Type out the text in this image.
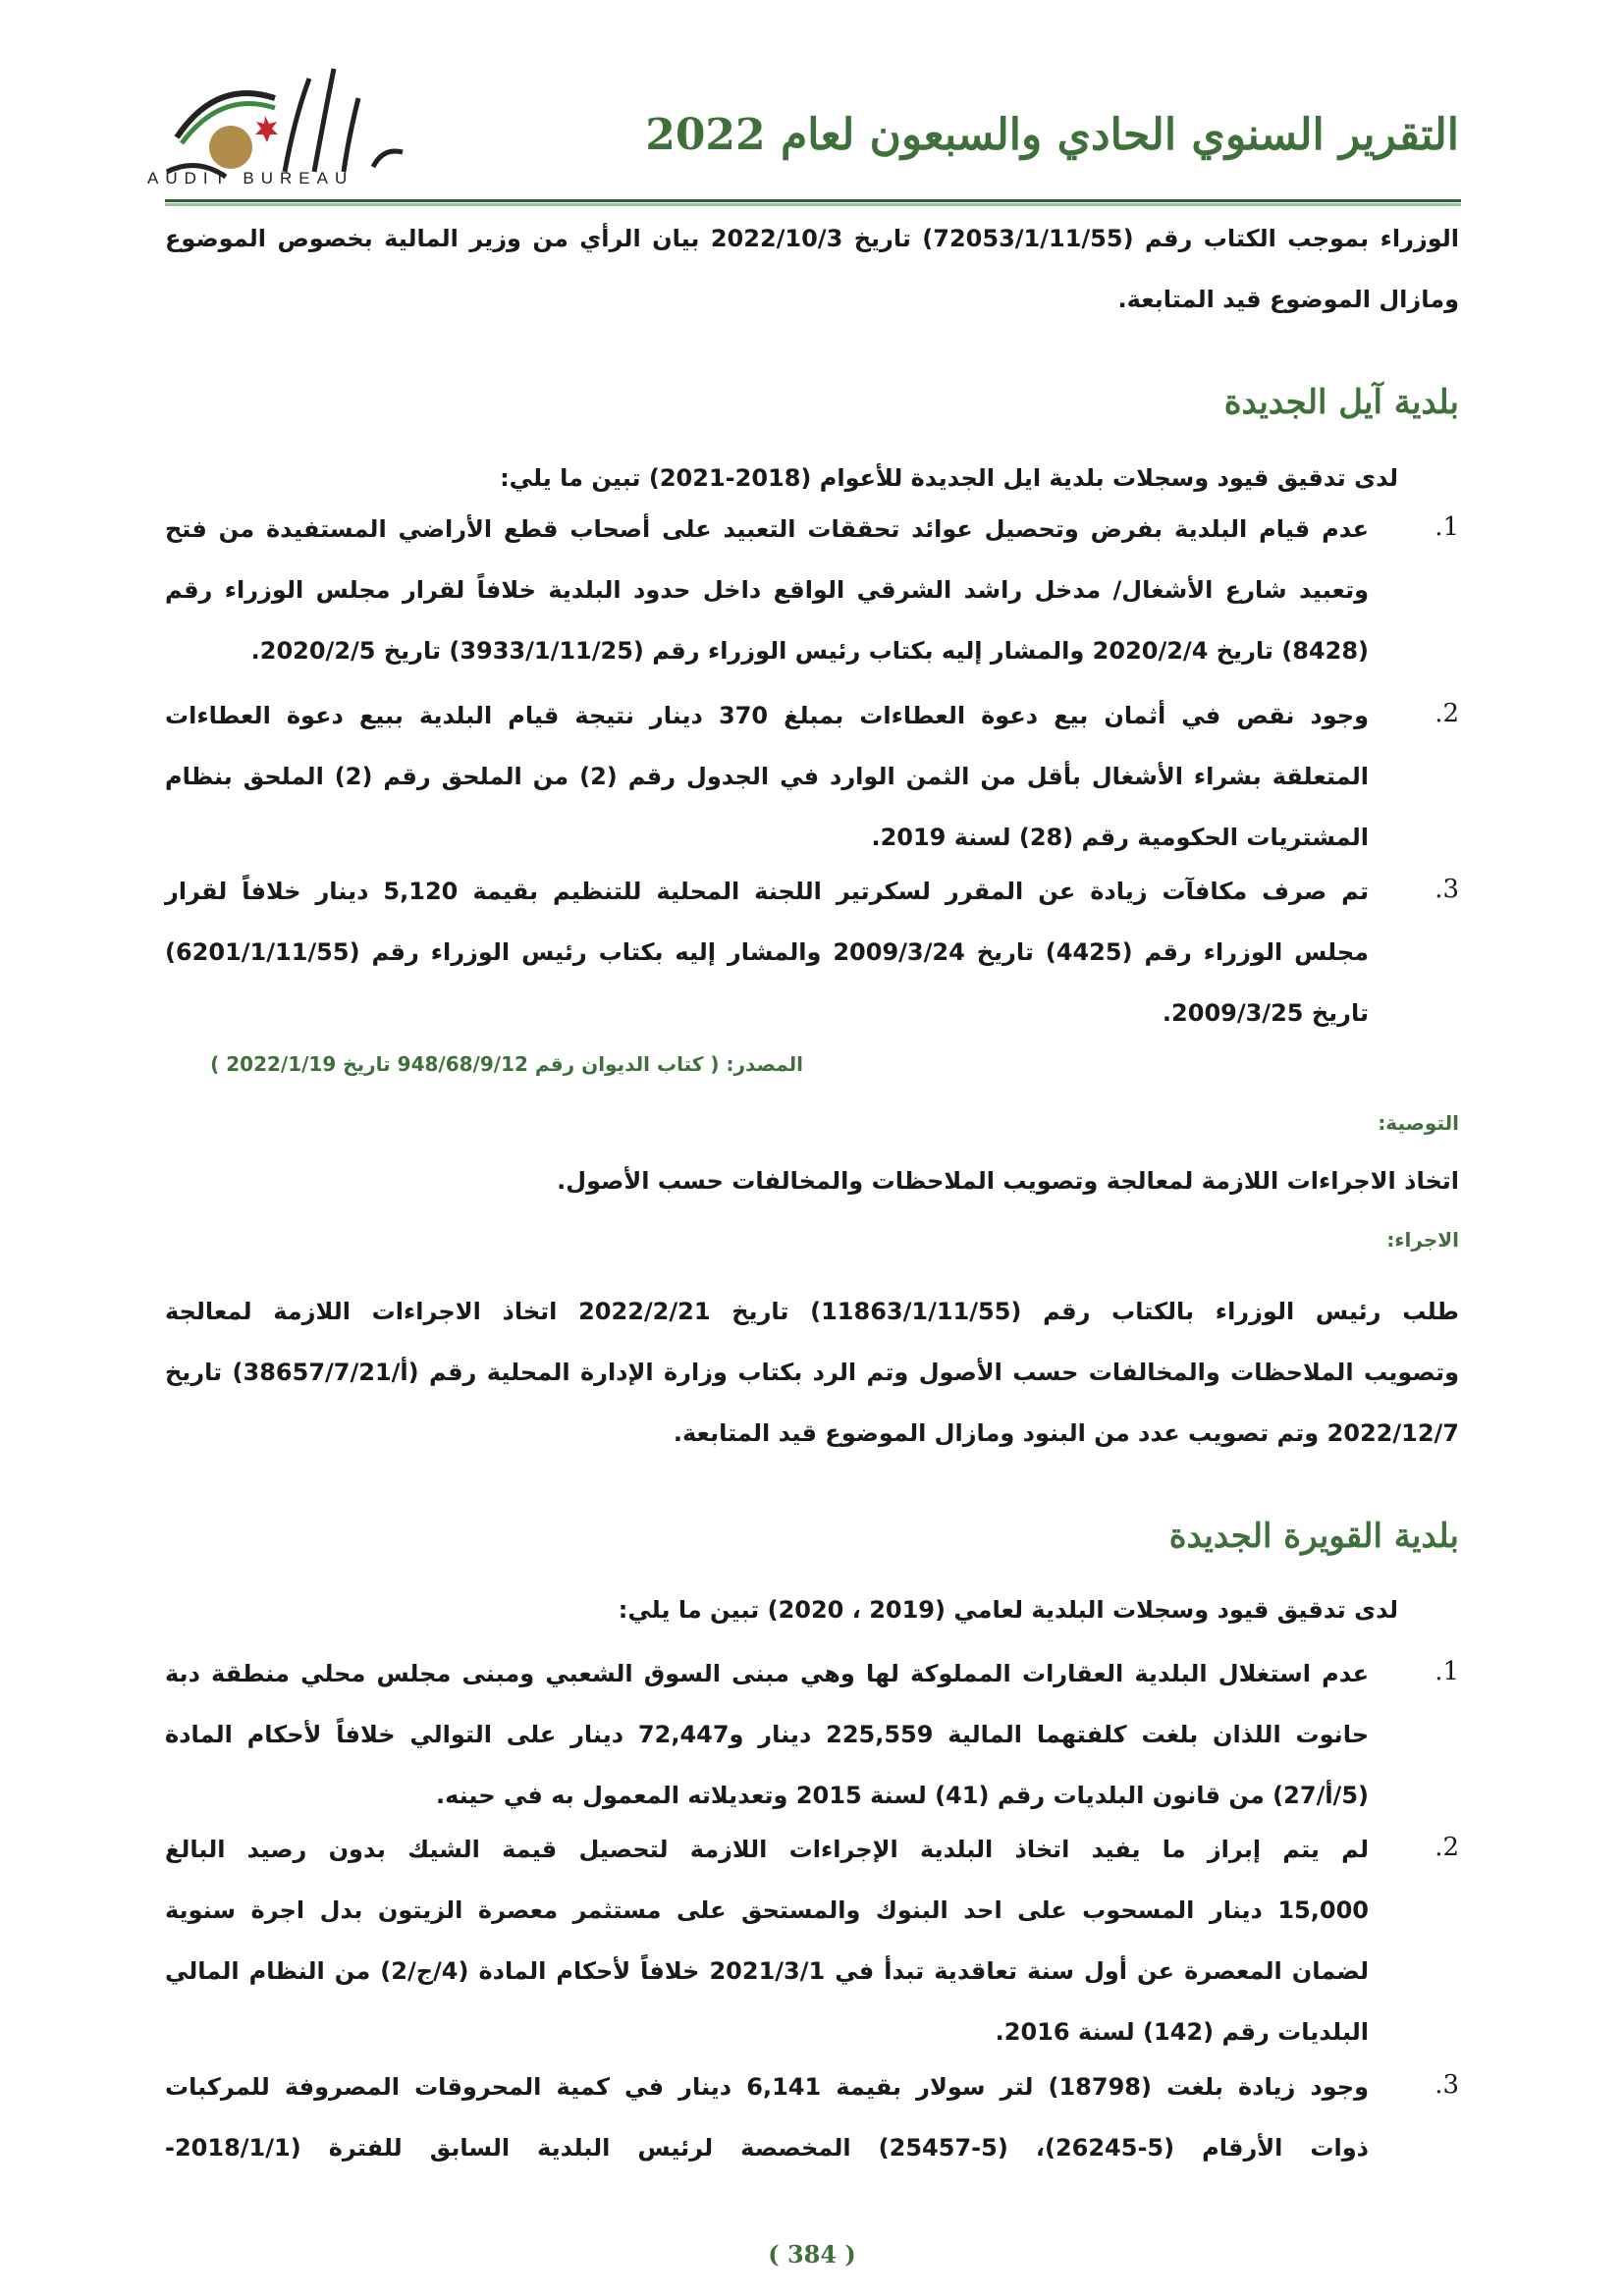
التقرير السنوي الحادي والسبعون لعام 2022
AUDIT BUREAU
الوزراء بموجب الكتاب رقم (72053/1/11/55) تاريخ 2022/10/3 بيان الرأي من وزير المالية بخصوص الموضوع
ومازال الموضوع قيد المتابعة.
بلدية آيل الجديدة
لدى تدقيق قيود وسجلات بلدية ايل الجديدة للأعوام (2018-2021) تبين ما يلي:
1.
عدم قيام البلدية بفرض وتحصيل عوائد تحققات التعبيد على أصحاب قطع الأراضي المستفيدة من فتح
وتعبيد شارع الأشغال/ مدخل راشد الشرقي الواقع داخل حدود البلدية خلافاً لقرار مجلس الوزراء رقم
(8428) تاريخ 2020/2/4 والمشار إليه بكتاب رئيس الوزراء رقم (3933/1/11/25) تاريخ 2020/2/5.
2.
وجود نقص في أثمان بيع دعوة العطاءات بمبلغ 370 دينار نتيجة قيام البلدية ببيع دعوة العطاءات
المتعلقة بشراء الأشغال بأقل من الثمن الوارد في الجدول رقم (2) من الملحق رقم (2) الملحق بنظام
المشتريات الحكومية رقم (28) لسنة 2019.
3.
تم صرف مكافآت زيادة عن المقرر لسكرتير اللجنة المحلية للتنظيم بقيمة 5,120 دينار خلافاً لقرار
مجلس الوزراء رقم (4425) تاريخ 2009/3/24 والمشار إليه بكتاب رئيس الوزراء رقم (6201/1/11/55)
تاريخ 2009/3/25.
المصدر: ( كتاب الديوان رقم 948/68/9/12 تاريخ 2022/1/19 )
التوصية:
اتخاذ الاجراءات اللازمة لمعالجة وتصويب الملاحظات والمخالفات حسب الأصول.
الاجراء:
طلب رئيس الوزراء بالكتاب رقم (11863/1/11/55) تاريخ 2022/2/21 اتخاذ الاجراءات اللازمة لمعالجة
وتصويب الملاحظات والمخالفات حسب الأصول وتم الرد بكتاب وزارة الإدارة المحلية رقم (أ/38657/7/21) تاريخ
2022/12/7 وتم تصويب عدد من البنود ومازال الموضوع قيد المتابعة.
بلدية القويرة الجديدة
لدى تدقيق قيود وسجلات البلدية لعامي (2019 ، 2020) تبين ما يلي:
1.
عدم استغلال البلدية العقارات المملوكة لها وهي مبنى السوق الشعبي ومبنى مجلس محلي منطقة دبة
حانوت اللذان بلغت كلفتهما المالية 225,559 دينار و72,447 دينار على التوالي خلافاً لأحكام المادة
(5/أ/27) من قانون البلديات رقم (41) لسنة 2015 وتعديلاته المعمول به في حينه.
2.
لم يتم إبراز ما يفيد اتخاذ البلدية الإجراءات اللازمة لتحصيل قيمة الشيك بدون رصيد البالغ
15,000 دينار المسحوب على احد البنوك والمستحق على مستثمر معصرة الزيتون بدل اجرة سنوية
لضمان المعصرة عن أول سنة تعاقدية تبدأ في 2021/3/1 خلافاً لأحكام المادة (4/ج/2) من النظام المالي
البلديات رقم (142) لسنة 2016.
3.
وجود زيادة بلغت (18798) لتر سولار بقيمة 6,141 دينار في كمية المحروقات المصروفة للمركبات
ذوات الأرقام (5-26245)، (5-25457) المخصصة لرئيس البلدية السابق للفترة (2018/1/1-
( 384 )
